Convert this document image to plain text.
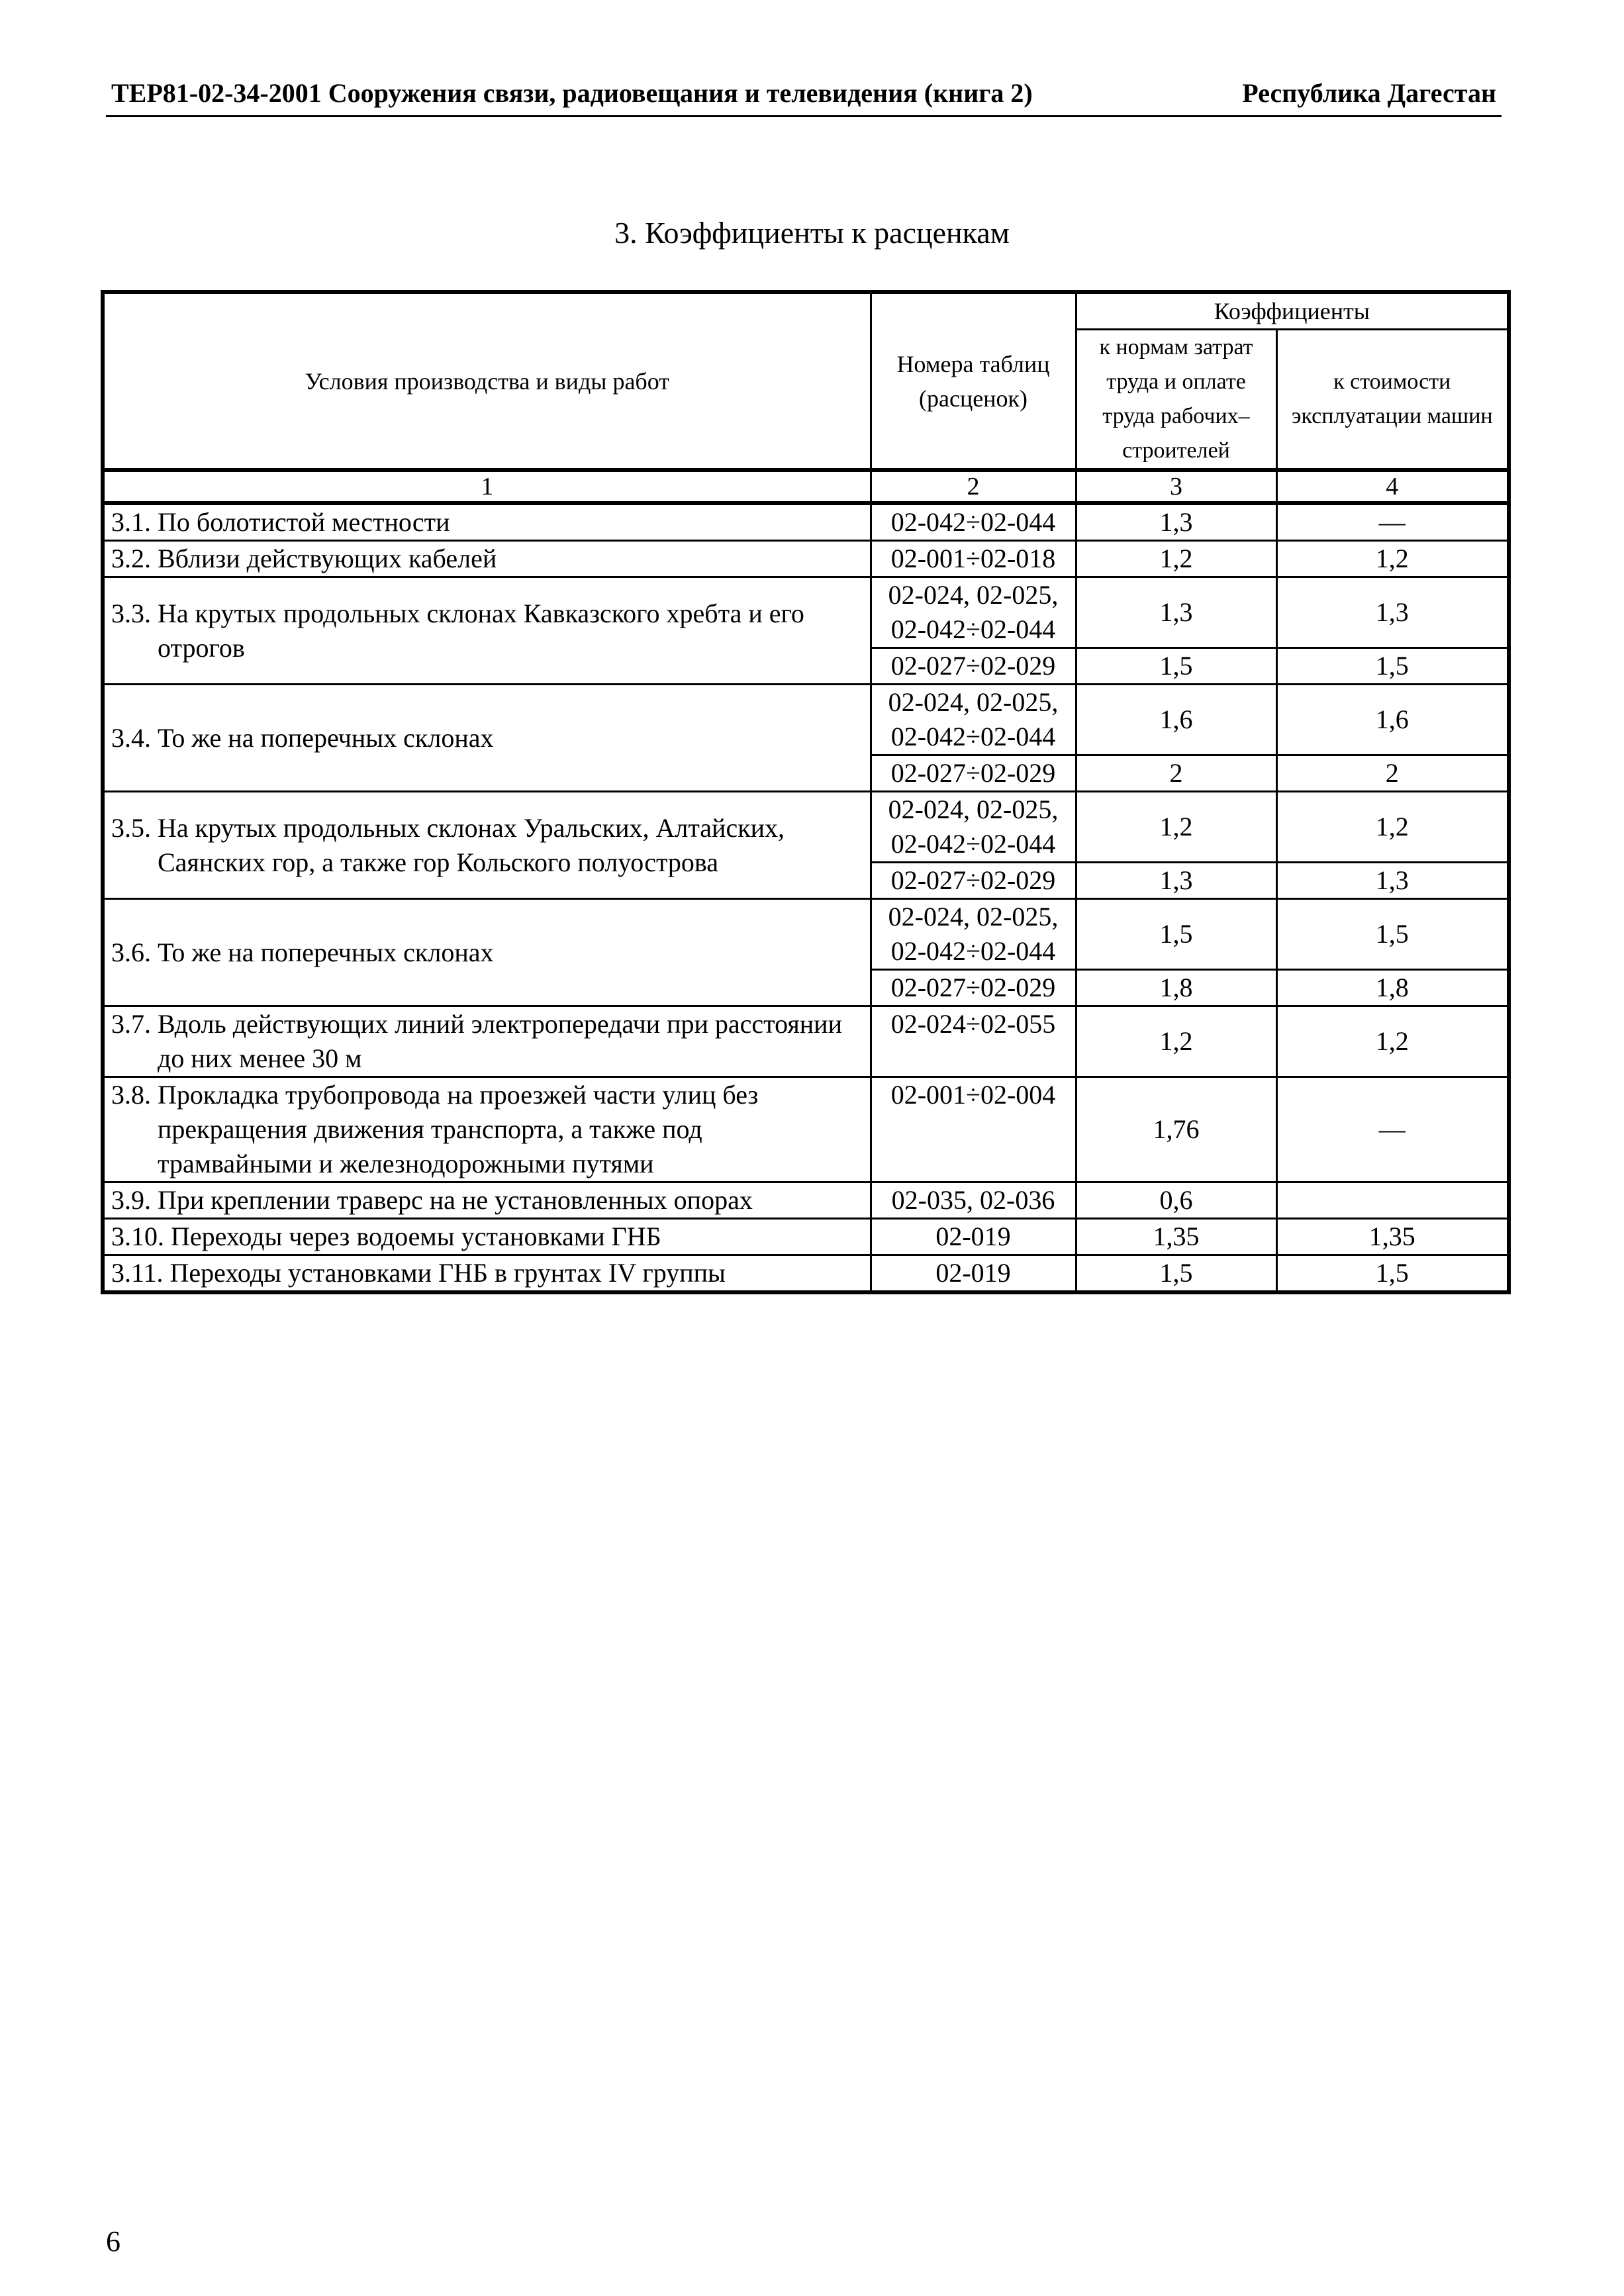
ТЕР81-02-34-2001 Сооружения связи, радиовещания и телевидения (книга 2)	Республика Дагестан
3. Коэффициенты к расценкам
Условия производства и виды работ	Номера таблиц (расценок)	Коэффициенты	
		к нормам затрат труда и оплате труда рабочих–строителей	к стоимости эксплуатации машин
1	2	3	4

3.1. По болотистой местности	02-042÷02-044	1,3	—

3.2. Вблизи действующих кабелей	02-001÷02-018	1,2	1,2

3.3. На крутых продольных склонах Кавказского хребта и его отрогов	02-024, 02-025,
02-042÷02-044	1,3	1,3
	02-027÷02-029	1,5	1,5

3.4. То же на поперечных склонах	02-024, 02-025,
02-042÷02-044	1,6	1,6
	02-027÷02-029	2	2

3.5. На крутых продольных склонах Уральских, Алтайских, Саянских гор, а также гор Кольского полуострова	02-024, 02-025,
02-042÷02-044	1,2	1,2
	02-027÷02-029	1,3	1,3

3.6. То же на поперечных склонах	02-024, 02-025,
02-042÷02-044	1,5	1,5
	02-027÷02-029	1,8	1,8

3.7. Вдоль действующих линий электропередачи при расстоянии до них менее 30 м	02-024÷02-055	1,2	1,2

3.8. Прокладка трубопровода на проезжей части улиц без прекращения движения транспорта, а также под трамвайными и железнодорожными путями	02-001÷02-004	1,76	—

3.9. При креплении траверс на не установленных опорах	02-035, 02-036	0,6	

3.10. Переходы через водоемы установками ГНБ	02-019	1,35	1,35

3.11. Переходы установками ГНБ в грунтах IV группы	02-019	1,5	1,5
6
